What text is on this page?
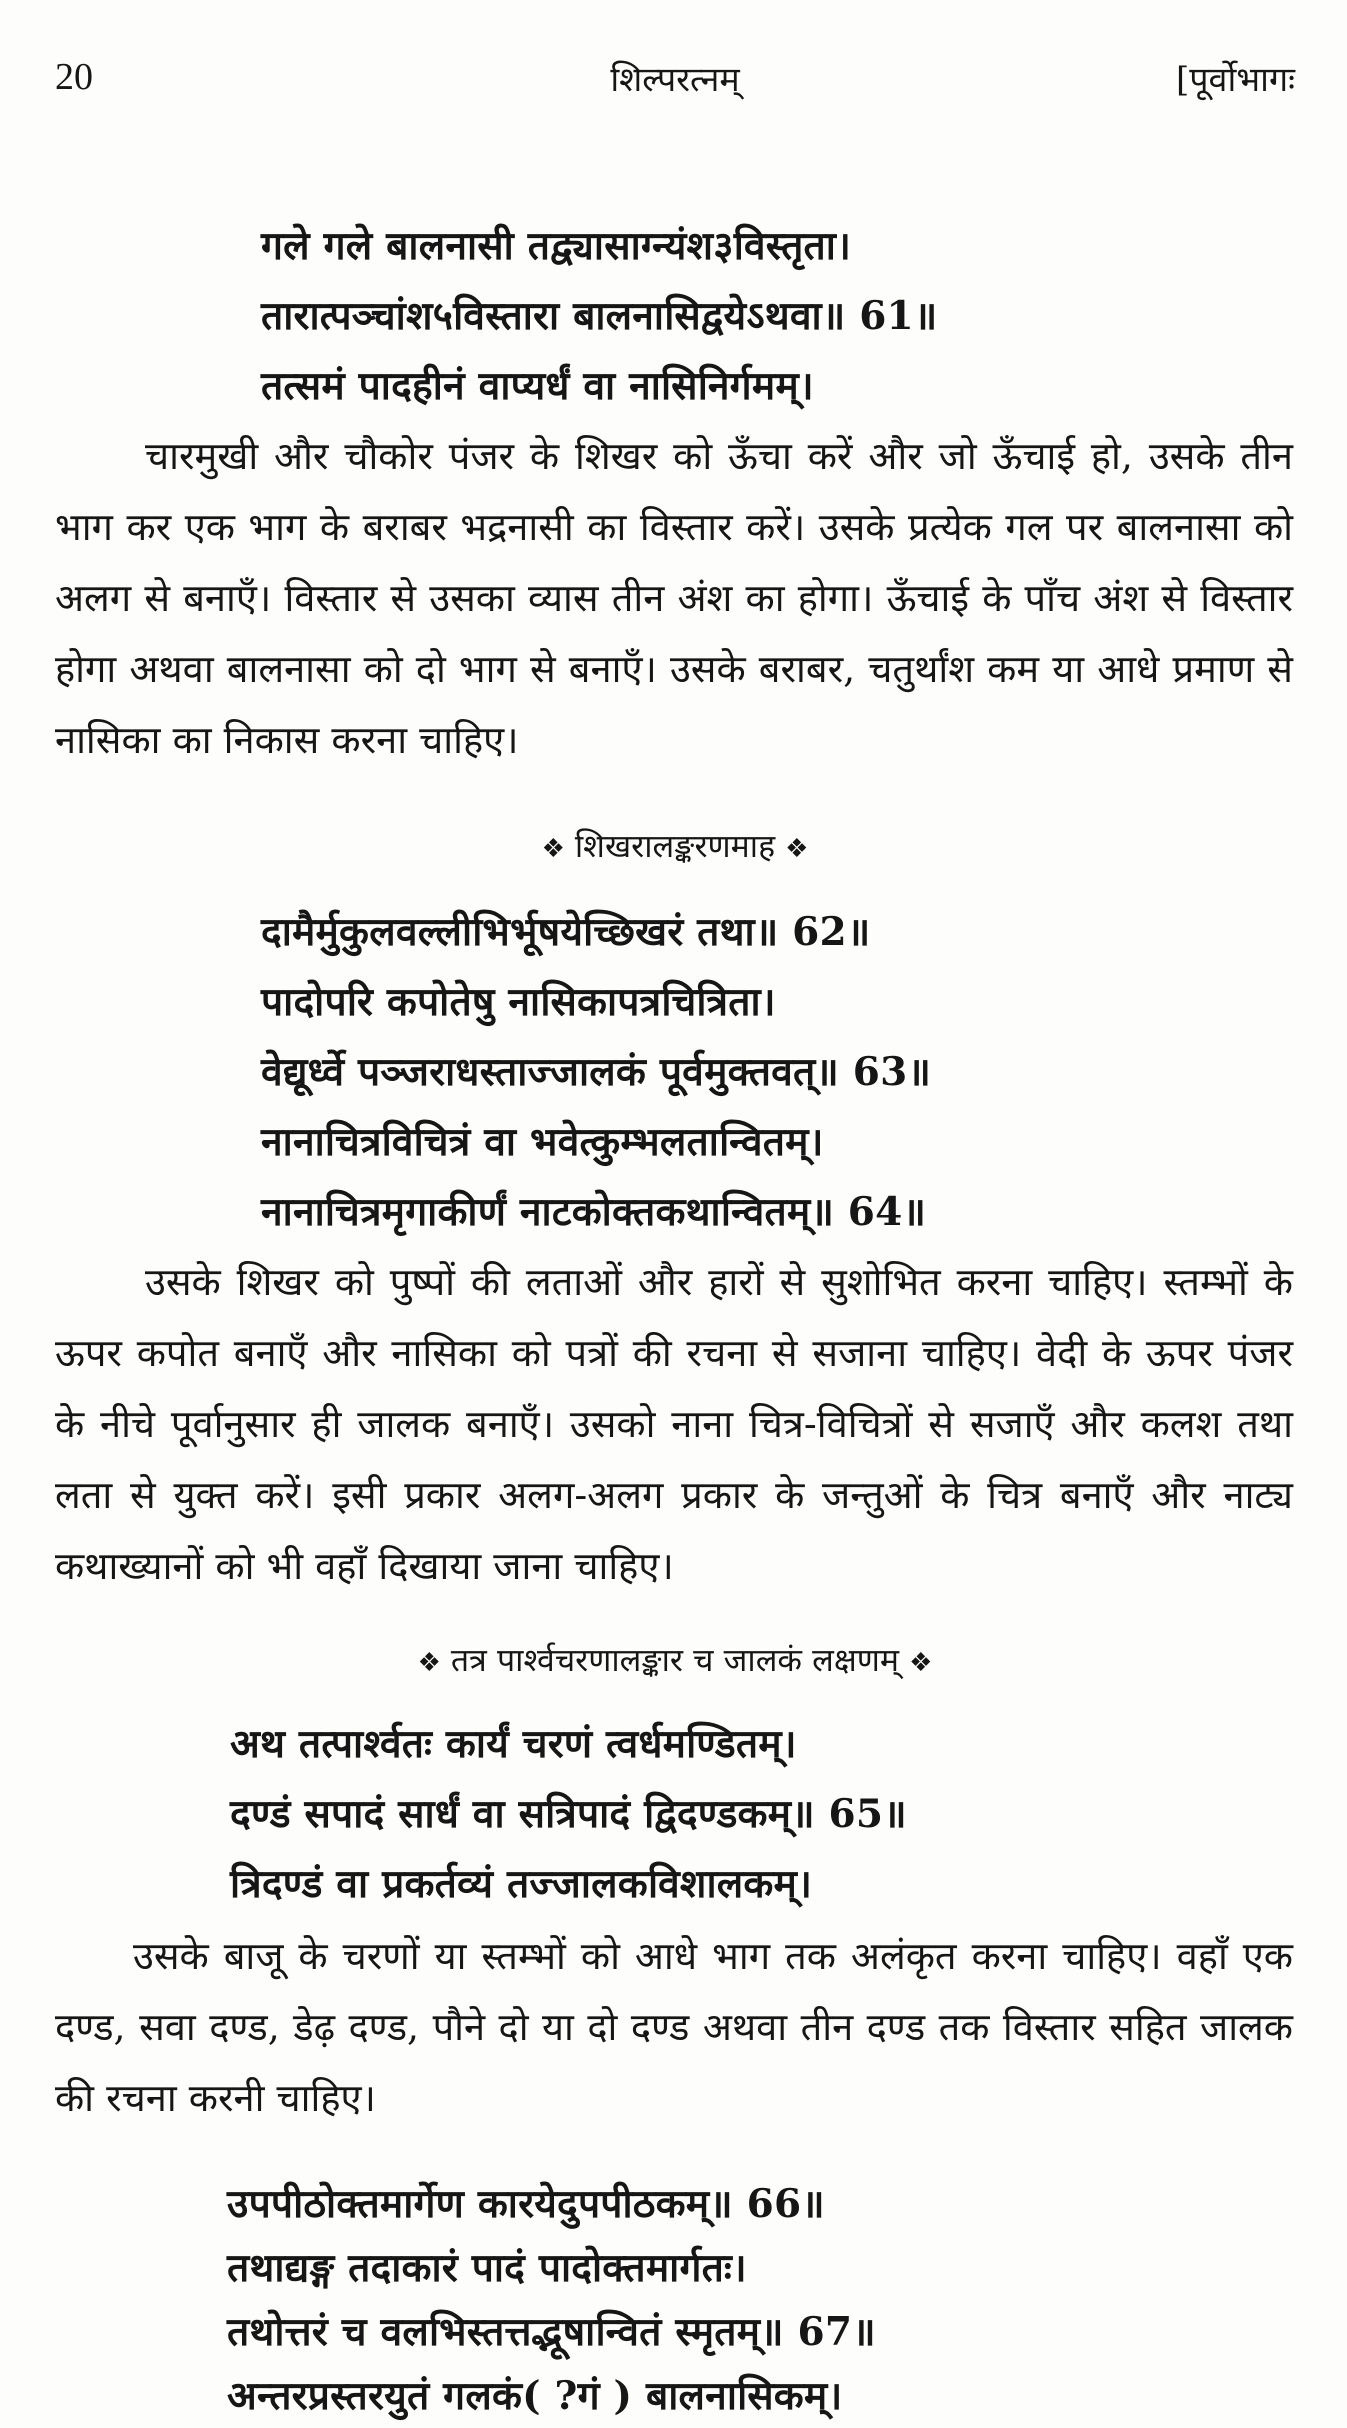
20	शिल्परत्नम्	[पूर्वोभागः
गले गले बालनासी तद्व्यासाग्न्यंश३विस्तृता।
तारात्पञ्चांश५विस्तारा बालनासिद्वयेऽथवा॥ 61॥
तत्समं पादहीनं वाप्यर्धं वा नासिनिर्गमम्।

चारमुखी और चौकोर पंजर के शिखर को ऊँचा करें और जो ऊँचाई हो, उसके तीन भाग कर एक भाग के बराबर भद्रनासी का विस्तार करें। उसके प्रत्येक गल पर बालनासा को अलग से बनाएँ। विस्तार से उसका व्यास तीन अंश का होगा। ऊँचाई के पाँच अंश से विस्तार होगा अथवा बालनासा को दो भाग से बनाएँ। उसके बराबर, चतुर्थांश कम या आधे प्रमाण से नासिका का निकास करना चाहिए।

❖ शिखरालङ्करणमाह ❖
दामैर्मुकुलवल्लीभिर्भूषयेच्छिखरं तथा॥ 62॥
पादोपरि कपोतेषु नासिकापत्रचित्रिता।
वेद्यूर्ध्वे पञ्जराधस्ताज्जालकं पूर्वमुक्तवत्॥ 63॥
नानाचित्रविचित्रं वा भवेत्कुम्भलतान्वितम्।
नानाचित्रमृगाकीर्णं नाटकोक्तकथान्वितम्॥ 64॥

उसके शिखर को पुष्पों की लताओं और हारों से सुशोभित करना चाहिए। स्तम्भों के ऊपर कपोत बनाएँ और नासिका को पत्रों की रचना से सजाना चाहिए। वेदी के ऊपर पंजर के नीचे पूर्वानुसार ही जालक बनाएँ। उसको नाना चित्र-विचित्रों से सजाएँ और कलश तथा लता से युक्त करें। इसी प्रकार अलग-अलग प्रकार के जन्तुओं के चित्र बनाएँ और नाट्य कथाख्यानों को भी वहाँ दिखाया जाना चाहिए।

❖ तत्र पार्श्वचरणालङ्कार च जालकं लक्षणम् ❖
अथ तत्पार्श्वतः कार्यं चरणं त्वर्धमण्डितम्।
दण्डं सपादं सार्धं वा सत्रिपादं द्विदण्डकम्॥ 65॥
त्रिदण्डं वा प्रकर्तव्यं तज्जालकविशालकम्।

उसके बाजू के चरणों या स्तम्भों को आधे भाग तक अलंकृत करना चाहिए। वहाँ एक दण्ड, सवा दण्ड, डेढ़ दण्ड, पौने दो या दो दण्ड अथवा तीन दण्ड तक विस्तार सहित जालक की रचना करनी चाहिए।

उपपीठोक्तमार्गेण कारयेदुपपीठकम्॥ 66॥
तथाद्यङ्ग तदाकारं पादं पादोक्तमार्गतः।
तथोत्तरं च वलभिस्तत्तद्भूषान्वितं स्मृतम्॥ 67॥
अन्तरप्रस्तरयुतं गलकं( ?गं ) बालनासिकम्।
